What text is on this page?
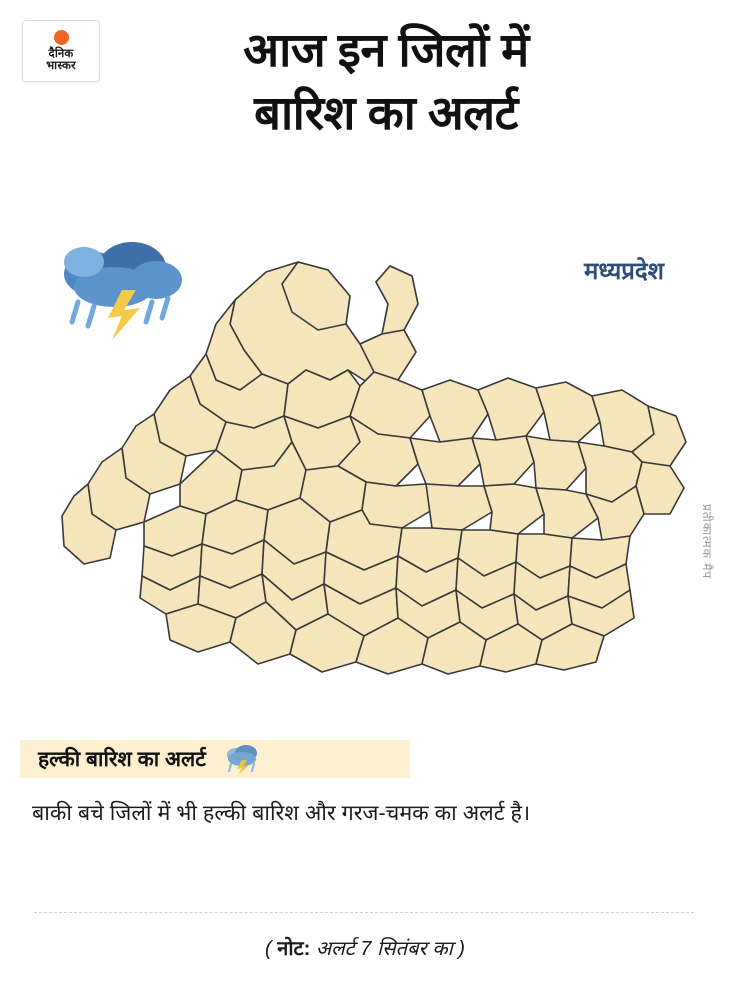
दैनिक
भास्कर	आज इन जिलों में
बारिश का अलर्ट
मध्यप्रदेश
प्रतीकात्मक मैप
हल्की बारिश का अलर्ट
बाकी बचे जिलों में भी हल्की बारिश और गरज-चमक का अलर्ट है।
( नोट: अलर्ट 7 सितंबर का )
